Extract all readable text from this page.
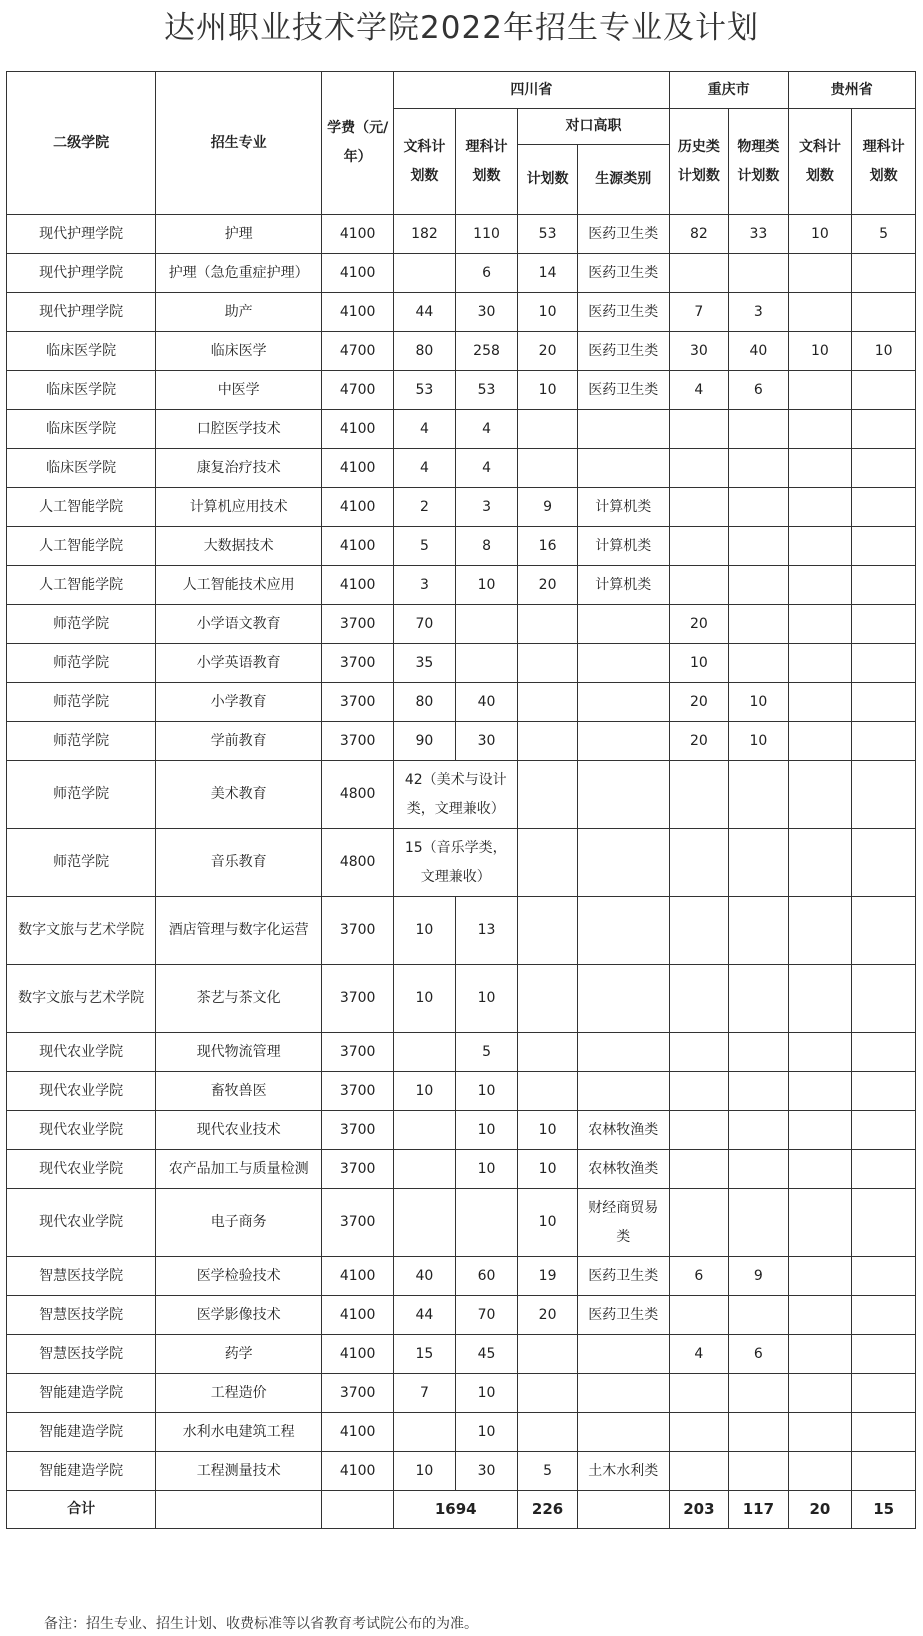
达州职业技术学院2022年招生专业及计划
二级学院	招生专业	学费（元/年）	四川省				重庆市		贵州省	
			文科计划数	理科计划数	对口高职		历史类计划数	物理类计划数	文科计划数	理科计划数
					计划数	生源类别				
现代护理学院	护理	4100	182	110	53	医药卫生类	82	33	10	5
现代护理学院	护理（急危重症护理）	4100		6	14	医药卫生类				
现代护理学院	助产	4100	44	30	10	医药卫生类	7	3		
临床医学院	临床医学	4700	80	258	20	医药卫生类	30	40	10	10
临床医学院	中医学	4700	53	53	10	医药卫生类	4	6		
临床医学院	口腔医学技术	4100	4	4						
临床医学院	康复治疗技术	4100	4	4						
人工智能学院	计算机应用技术	4100	2	3	9	计算机类				
人工智能学院	大数据技术	4100	5	8	16	计算机类				
人工智能学院	人工智能技术应用	4100	3	10	20	计算机类				
师范学院	小学语文教育	3700	70				20			
师范学院	小学英语教育	3700	35				10			
师范学院	小学教育	3700	80	40			20	10		
师范学院	学前教育	3700	90	30			20	10		
师范学院	美术教育	4800	42（美术与设计类，文理兼收）							
师范学院	音乐教育	4800	15（音乐学类，文理兼收）							
数字文旅与艺术学院	酒店管理与数字化运营	3700	10	13						
数字文旅与艺术学院	茶艺与茶文化	3700	10	10						
现代农业学院	现代物流管理	3700		5						
现代农业学院	畜牧兽医	3700	10	10						
现代农业学院	现代农业技术	3700		10	10	农林牧渔类				
现代农业学院	农产品加工与质量检测	3700		10	10	农林牧渔类				
现代农业学院	电子商务	3700			10	财经商贸易类				
智慧医技学院	医学检验技术	4100	40	60	19	医药卫生类	6	9		
智慧医技学院	医学影像技术	4100	44	70	20	医药卫生类				
智慧医技学院	药学	4100	15	45			4	6		
智能建造学院	工程造价	3700	7	10						
智能建造学院	水利水电建筑工程	4100		10						
智能建造学院	工程测量技术	4100	10	30	5	土木水利类				
合计			1694		226		203	117	20	15
备注：招生专业、招生计划、收费标准等以省教育考试院公布的为准。
